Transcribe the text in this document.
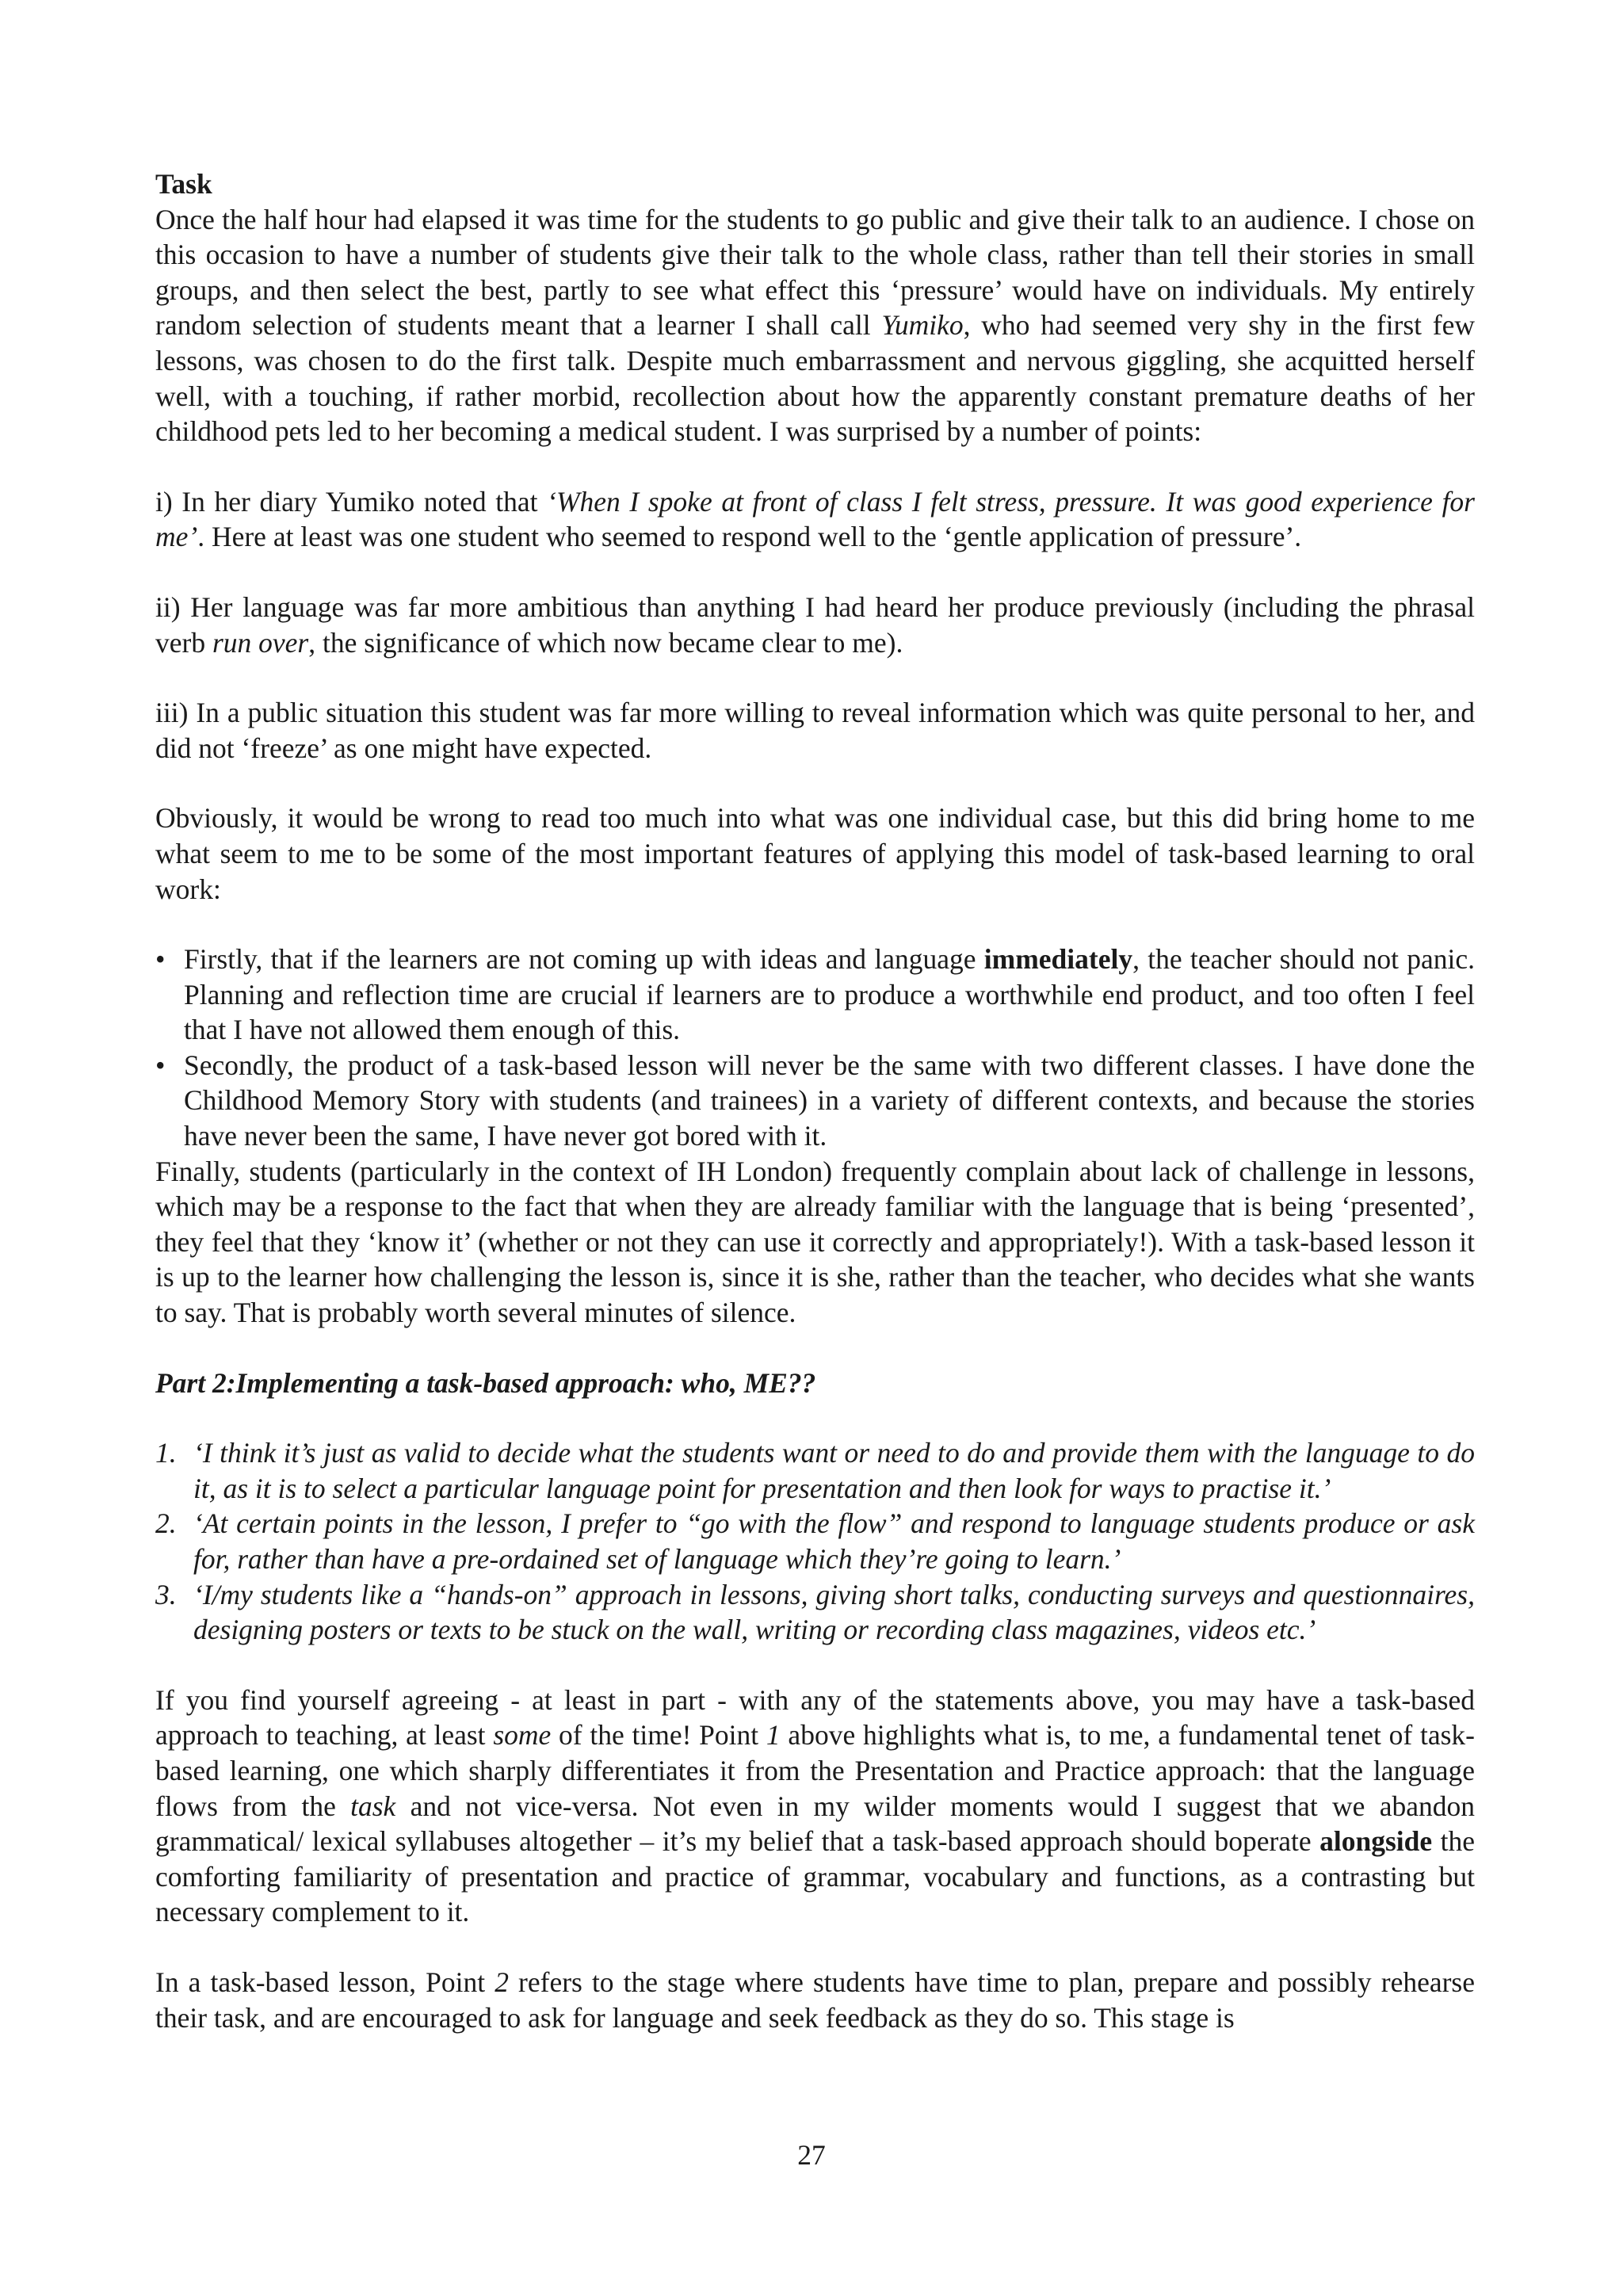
Task

Once the half hour had elapsed it was time for the students to go public and give their talk to an audience. I chose on this occasion to have a number of students give their talk to the whole class, rather than tell their stories in small groups, and then select the best, partly to see what effect this ‘pressure’ would have on individuals. My entirely random selection of students meant that a learner I shall call Yumiko, who had seemed very shy in the first few lessons, was chosen to do the first talk. Despite much embarrassment and nervous giggling, she acquitted herself well, with a touching, if rather morbid, recollection about how the apparently constant premature deaths of her childhood pets led to her becoming a medical student. I was surprised by a number of points:

i) In her diary Yumiko noted that ‘When I spoke at front of class I felt stress, pressure. It was good experience for me’. Here at least was one student who seemed to respond well to the ‘gentle application of pressure’.

ii) Her language was far more ambitious than anything I had heard her produce previously (including the phrasal verb run over, the significance of which now became clear to me).

iii) In a public situation this student was far more willing to reveal information which was quite personal to her, and did not ‘freeze’ as one might have expected.

Obviously, it would be wrong to read too much into what was one individual case, but this did bring home to me what seem to me to be some of the most important features of applying this model of task-based learning to oral work:

• Firstly, that if the learners are not coming up with ideas and language immediately, the teacher should not panic. Planning and reflection time are crucial if learners are to produce a worthwhile end product, and too often I feel that I have not allowed them enough of this.
• Secondly, the product of a task-based lesson will never be the same with two different classes. I have done the Childhood Memory Story with students (and trainees) in a variety of different contexts, and because the stories have never been the same, I have never got bored with it.

Finally, students (particularly in the context of IH London) frequently complain about lack of challenge in lessons, which may be a response to the fact that when they are already familiar with the language that is being ‘presented’, they feel that they ‘know it’ (whether or not they can use it correctly and appropriately!). With a task-based lesson it is up to the learner how challenging the lesson is, since it is she, rather than the teacher, who decides what she wants to say. That is probably worth several minutes of silence.

Part 2:Implementing a task-based approach: who, ME??

1. ‘I think it’s just as valid to decide what the students want or need to do and provide them with the language to do it, as it is to select a particular language point for presentation and then look for ways to practise it.’
2. ‘At certain points in the lesson, I prefer to “go with the flow” and respond to language students produce or ask for, rather than have a pre-ordained set of language which they’re going to learn.’
3. ‘I/my students like a “hands-on” approach in lessons, giving short talks, conducting surveys and questionnaires, designing posters or texts to be stuck on the wall, writing or recording class magazines, videos etc.’

If you find yourself agreeing - at least in part - with any of the statements above, you may have a task-based approach to teaching, at least some of the time! Point 1 above highlights what is, to me, a fundamental tenet of task-based learning, one which sharply differentiates it from the Presentation and Practice approach: that the language flows from the task and not vice-versa. Not even in my wilder moments would I suggest that we abandon grammatical/ lexical syllabuses altogether – it’s my belief that a task-based approach should boperate alongside the comforting familiarity of presentation and practice of grammar, vocabulary and functions, as a contrasting but necessary complement to it.

In a task-based lesson, Point 2 refers to the stage where students have time to plan, prepare and possibly rehearse their task, and are encouraged to ask for language and seek feedback as they do so. This stage is

27
